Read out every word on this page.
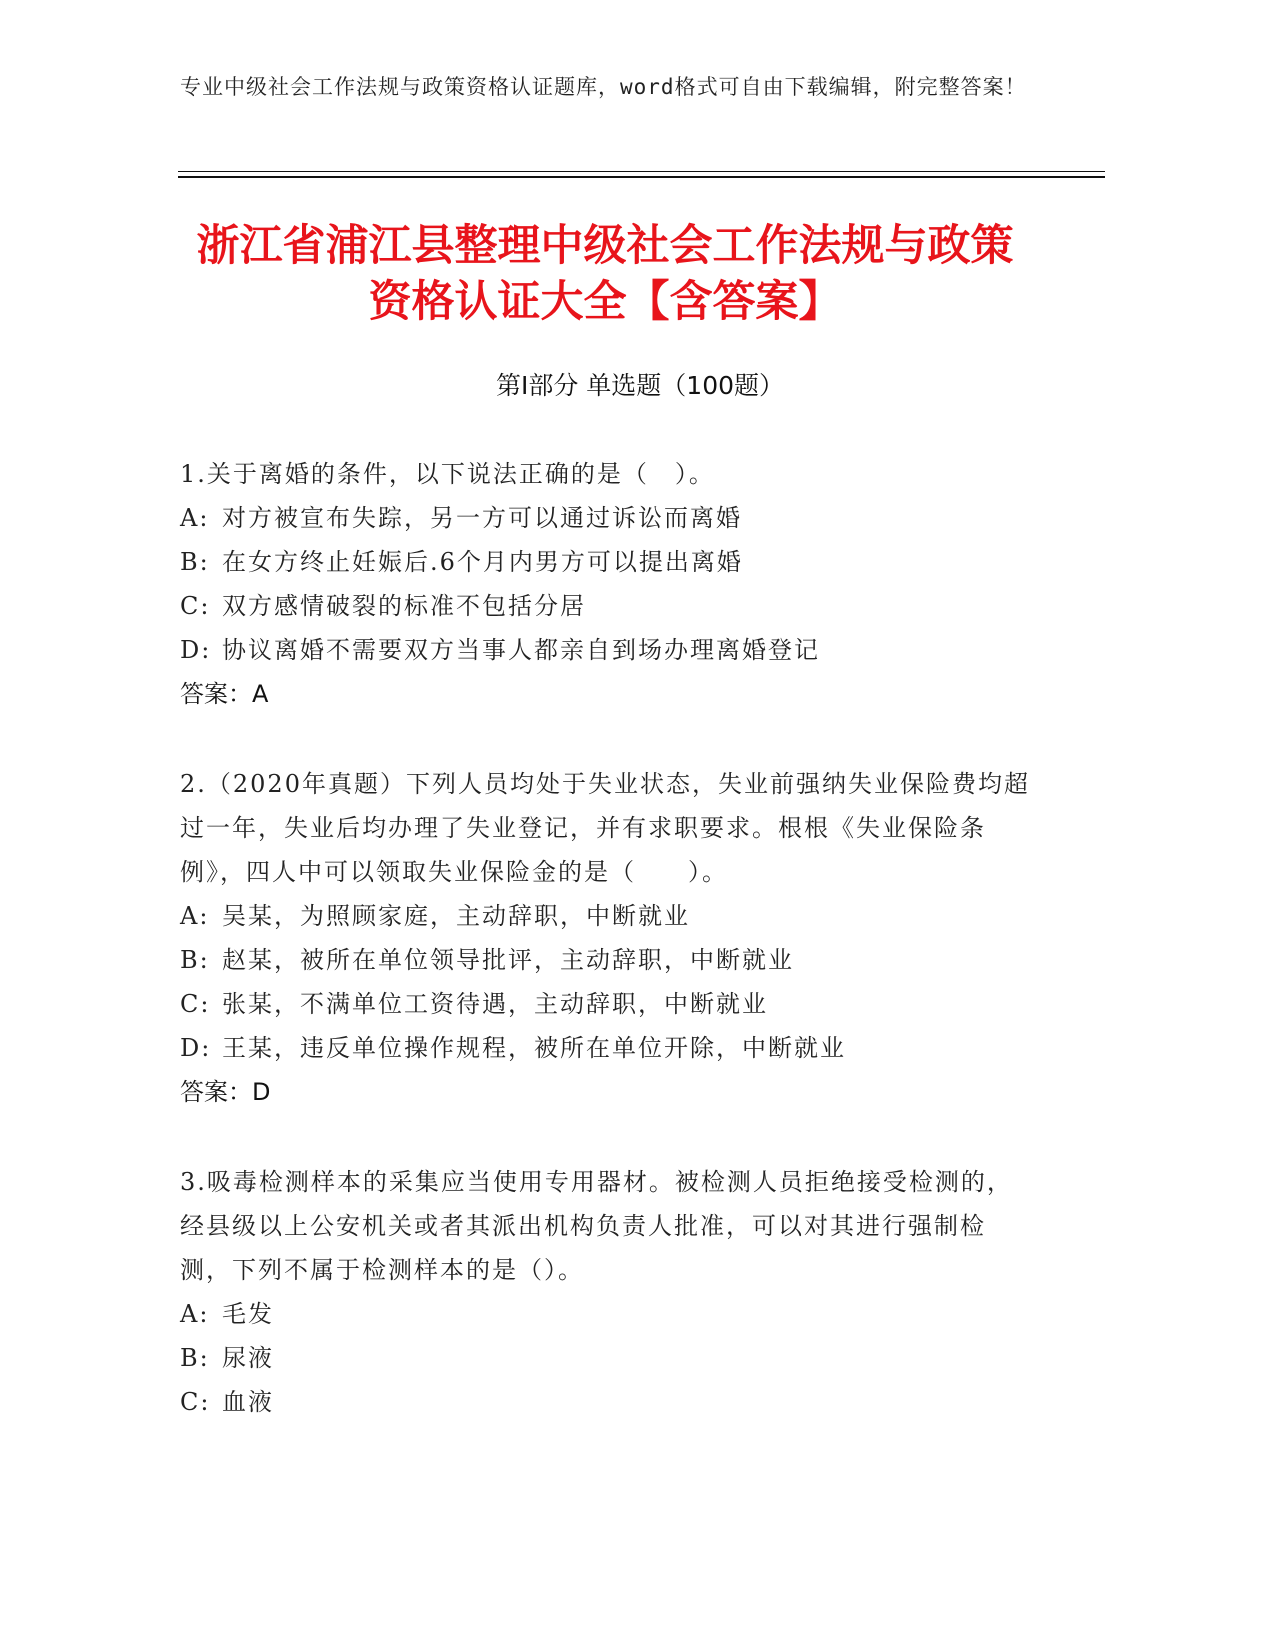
专业中级社会工作法规与政策资格认证题库，word格式可自由下载编辑，附完整答案！
浙江省浦江县整理中级社会工作法规与政策
资格认证大全【含答案】
第Ⅰ部分 单选题（100题）
1.关于离婚的条件，以下说法正确的是（　）。
A: 对方被宣布失踪，另一方可以通过诉讼而离婚
B: 在女方终止妊娠后.6个月内男方可以提出离婚
C: 双方感情破裂的标准不包括分居
D: 协议离婚不需要双方当事人都亲自到场办理离婚登记
答案：A
2.（2020年真题）下列人员均处于失业状态，失业前强纳失业保险费均超过一年，失业后均办理了失业登记，并有求职要求。根根《失业保险条例》，四人中可以领取失业保险金的是（　　）。
A: 吴某，为照顾家庭，主动辞职，中断就业
B: 赵某，被所在单位领导批评，主动辞职，中断就业
C: 张某，不满单位工资待遇，主动辞职，中断就业
D: 王某，违反单位操作规程，被所在单位开除，中断就业
答案：D
3.吸毒检测样本的采集应当使用专用器材。被检测人员拒绝接受检测的，经县级以上公安机关或者其派出机构负责人批准，可以对其进行强制检测，下列不属于检测样本的是（）。
A: 毛发
B: 尿液
C: 血液
